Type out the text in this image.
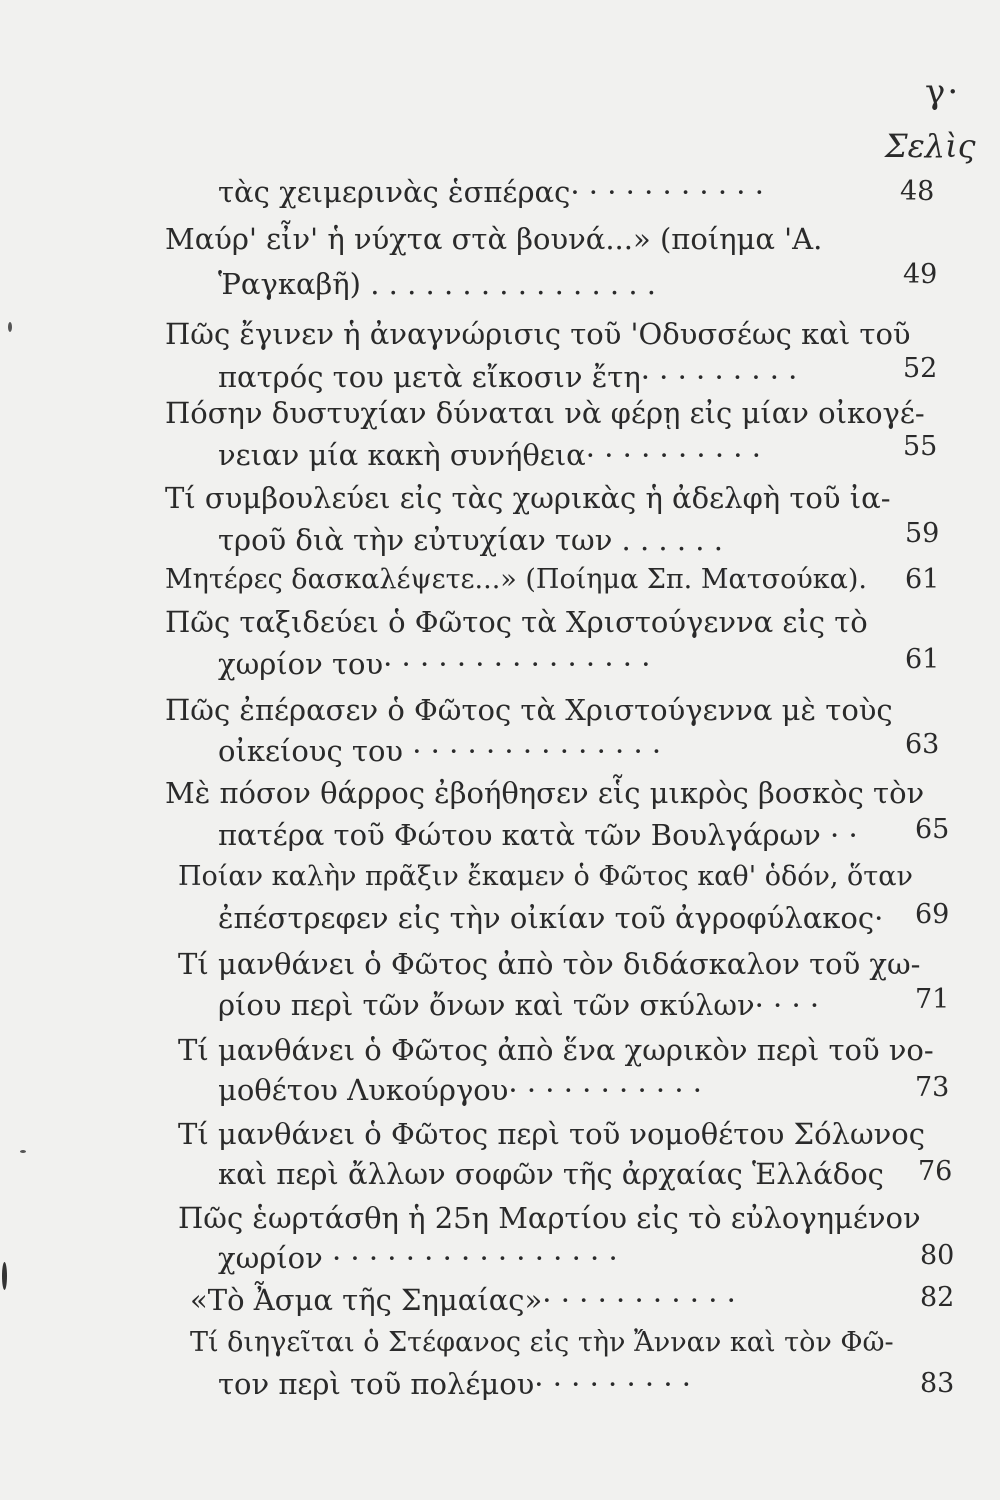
γ·
Σελὶς
τὰς χειμερινὰς ἑσπέρας· · · · · · · · · · ·	48
Μαύρ' εἶν' ἡ νύχτα στὰ βουνά...» (ποίημα 'Α.
Ῥαγκαβῆ) . . . . . . . . . . . . . . . .	49
Πῶς ἔγινεν ἡ ἀναγνώρισις τοῦ 'Οδυσσέως καὶ τοῦ
πατρός του μετὰ εἴκοσιν ἔτη· · · · · · · · ·	52
Πόσην δυστυχίαν δύναται νὰ φέρῃ εἰς μίαν οἰκογέ-
νειαν μία κακὴ συνήθεια· · · · · · · · · ·	55
Τί συμβουλεύει εἰς τὰς χωρικὰς ἡ ἀδελφὴ τοῦ ἰα-
τροῦ διὰ τὴν εὐτυχίαν των . . . . . .	59
Μητέρες δασκαλέψετε...» (Ποίημα Σπ. Ματσούκα). 61
Πῶς ταξιδεύει ὁ Φῶτος τὰ Χριστούγεννα εἰς τὸ
χωρίον του· · · · · · · · · · · · · · ·	61
Πῶς ἐπέρασεν ὁ Φῶτος τὰ Χριστούγεννα μὲ τοὺς
οἰκείους του · · · · · · · · · · · · · ·	63
Μὲ πόσον θάρρος ἐβοήθησεν εἷς μικρὸς βοσκὸς τὸν
πατέρα τοῦ Φώτου κατὰ τῶν Βουλγάρων · · 65
Ποίαν καλὴν πρᾶξιν ἔκαμεν ὁ Φῶτος καθ' ὁδόν, ὅταν
ἐπέστρεφεν εἰς τὴν οἰκίαν τοῦ ἀγροφύλακος· 69
Τί μανθάνει ὁ Φῶτος ἀπὸ τὸν διδάσκαλον τοῦ χω-
ρίου περὶ τῶν ὄνων καὶ τῶν σκύλων· · · ·	71
Τί μανθάνει ὁ Φῶτος ἀπὸ ἕνα χωρικὸν περὶ τοῦ νο-
μοθέτου Λυκούργου· · · · · · · · · · ·	73
Τί μανθάνει ὁ Φῶτος περὶ τοῦ νομοθέτου Σόλωνος
καὶ περὶ ἄλλων σοφῶν τῆς ἀρχαίας Ἑλλάδος 76
Πῶς ἑωρτάσθη ἡ 25η Μαρτίου εἰς τὸ εὐλογημένον
χωρίον · · · · · · · · · · · · · · · ·	80
«Τὸ Ἆσμα τῆς Σημαίας»· · · · · · · · · · ·	82
Τί διηγεῖται ὁ Στέφανος εἰς τὴν Ἄνναν καὶ τὸν Φῶ-
τον περὶ τοῦ πολέμου· · · · · · · · ·	83
